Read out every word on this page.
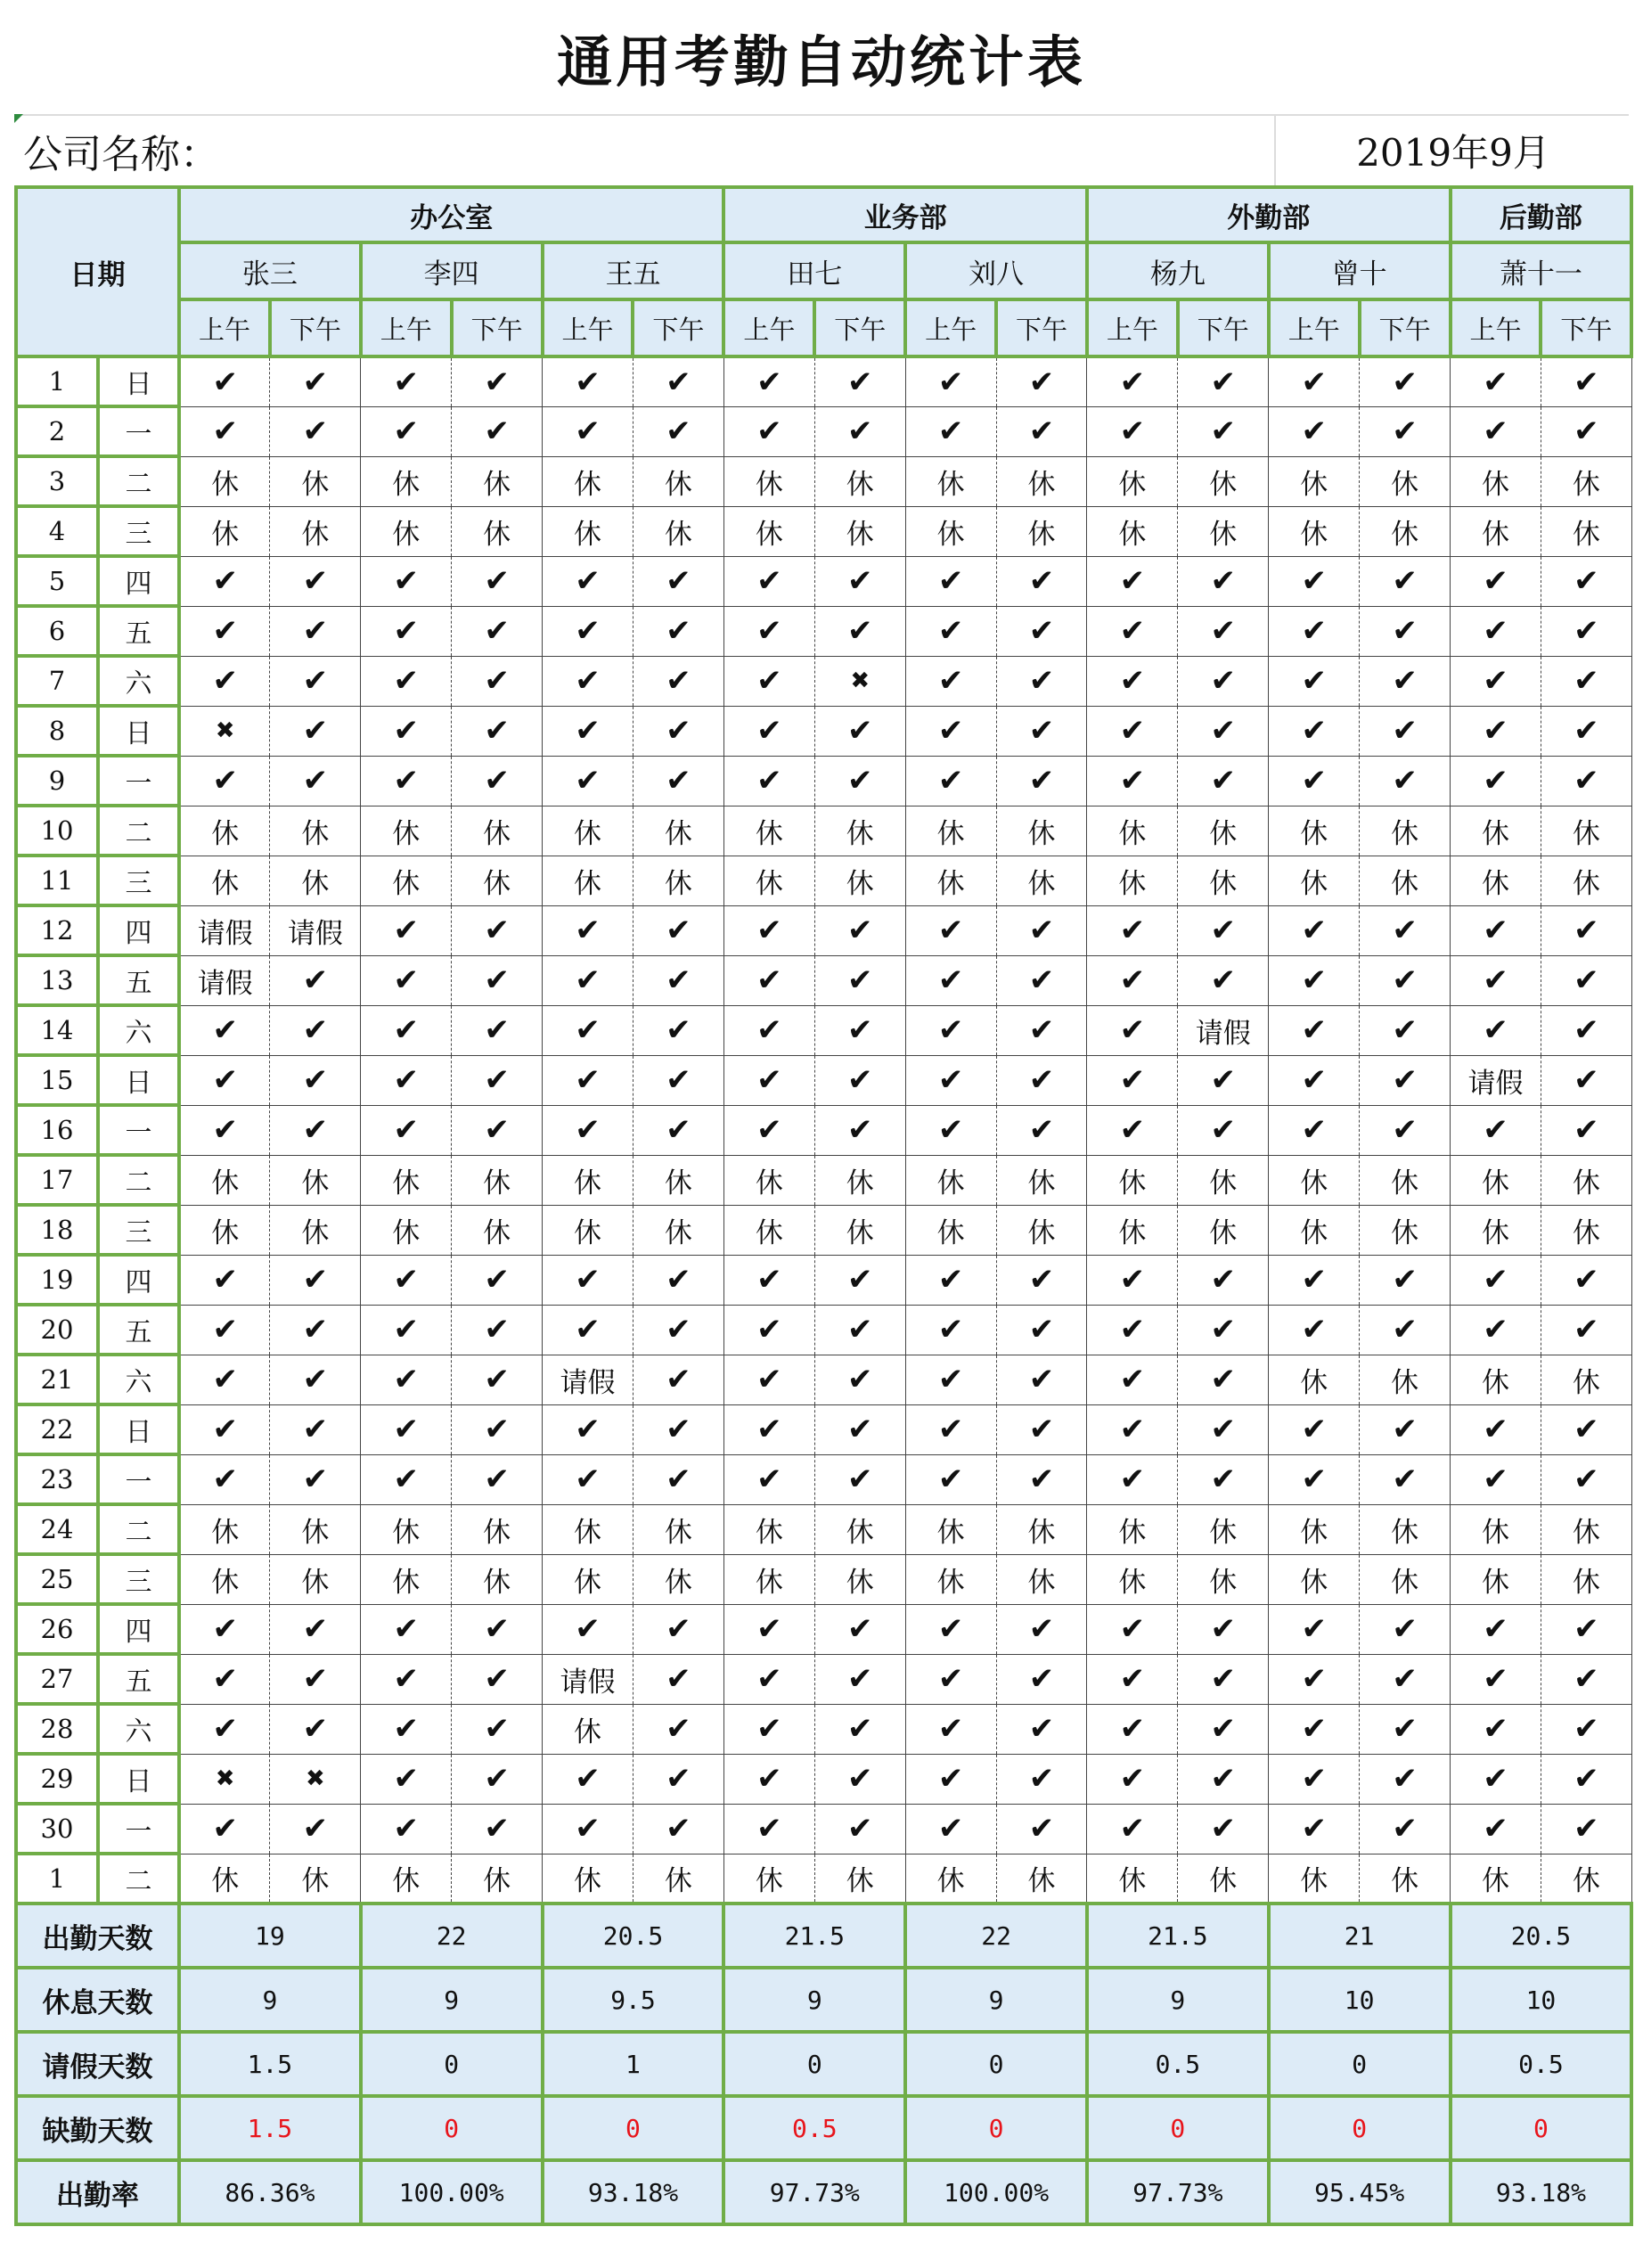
通用考勤自动统计表
公司名称：	2019年9月
日期		办公室						业务部				外勤部				后勤部	
		张三		李四		王五		田七		刘八		杨九		曾十		萧十一	
		上午	下午	上午	下午	上午	下午	上午	下午	上午	下午	上午	下午	上午	下午	上午	下午
1	日	✔	✔	✔	✔	✔	✔	✔	✔	✔	✔	✔	✔	✔	✔	✔	✔
2	一	✔	✔	✔	✔	✔	✔	✔	✔	✔	✔	✔	✔	✔	✔	✔	✔
3	二	休	休	休	休	休	休	休	休	休	休	休	休	休	休	休	休
4	三	休	休	休	休	休	休	休	休	休	休	休	休	休	休	休	休
5	四	✔	✔	✔	✔	✔	✔	✔	✔	✔	✔	✔	✔	✔	✔	✔	✔
6	五	✔	✔	✔	✔	✔	✔	✔	✔	✔	✔	✔	✔	✔	✔	✔	✔
7	六	✔	✔	✔	✔	✔	✔	✔	✖	✔	✔	✔	✔	✔	✔	✔	✔
8	日	✖	✔	✔	✔	✔	✔	✔	✔	✔	✔	✔	✔	✔	✔	✔	✔
9	一	✔	✔	✔	✔	✔	✔	✔	✔	✔	✔	✔	✔	✔	✔	✔	✔
10	二	休	休	休	休	休	休	休	休	休	休	休	休	休	休	休	休
11	三	休	休	休	休	休	休	休	休	休	休	休	休	休	休	休	休
12	四	请假	请假	✔	✔	✔	✔	✔	✔	✔	✔	✔	✔	✔	✔	✔	✔
13	五	请假	✔	✔	✔	✔	✔	✔	✔	✔	✔	✔	✔	✔	✔	✔	✔
14	六	✔	✔	✔	✔	✔	✔	✔	✔	✔	✔	✔	请假	✔	✔	✔	✔
15	日	✔	✔	✔	✔	✔	✔	✔	✔	✔	✔	✔	✔	✔	✔	请假	✔
16	一	✔	✔	✔	✔	✔	✔	✔	✔	✔	✔	✔	✔	✔	✔	✔	✔
17	二	休	休	休	休	休	休	休	休	休	休	休	休	休	休	休	休
18	三	休	休	休	休	休	休	休	休	休	休	休	休	休	休	休	休
19	四	✔	✔	✔	✔	✔	✔	✔	✔	✔	✔	✔	✔	✔	✔	✔	✔
20	五	✔	✔	✔	✔	✔	✔	✔	✔	✔	✔	✔	✔	✔	✔	✔	✔
21	六	✔	✔	✔	✔	请假	✔	✔	✔	✔	✔	✔	✔	休	休	休	休
22	日	✔	✔	✔	✔	✔	✔	✔	✔	✔	✔	✔	✔	✔	✔	✔	✔
23	一	✔	✔	✔	✔	✔	✔	✔	✔	✔	✔	✔	✔	✔	✔	✔	✔
24	二	休	休	休	休	休	休	休	休	休	休	休	休	休	休	休	休
25	三	休	休	休	休	休	休	休	休	休	休	休	休	休	休	休	休
26	四	✔	✔	✔	✔	✔	✔	✔	✔	✔	✔	✔	✔	✔	✔	✔	✔
27	五	✔	✔	✔	✔	请假	✔	✔	✔	✔	✔	✔	✔	✔	✔	✔	✔
28	六	✔	✔	✔	✔	休	✔	✔	✔	✔	✔	✔	✔	✔	✔	✔	✔
29	日	✖	✖	✔	✔	✔	✔	✔	✔	✔	✔	✔	✔	✔	✔	✔	✔
30	一	✔	✔	✔	✔	✔	✔	✔	✔	✔	✔	✔	✔	✔	✔	✔	✔
1	二	休	休	休	休	休	休	休	休	休	休	休	休	休	休	休	休
出勤天数		19		22		20.5		21.5		22		21.5		21		20.5	
休息天数		9		9		9.5		9		9		9		10		10	
请假天数		1.5		0		1		0		0		0.5		0		0.5	
缺勤天数		1.5		0		0		0.5		0		0		0		0	
出勤率		86.36%		100.00%		93.18%		97.73%		100.00%		97.73%		95.45%		93.18%	
